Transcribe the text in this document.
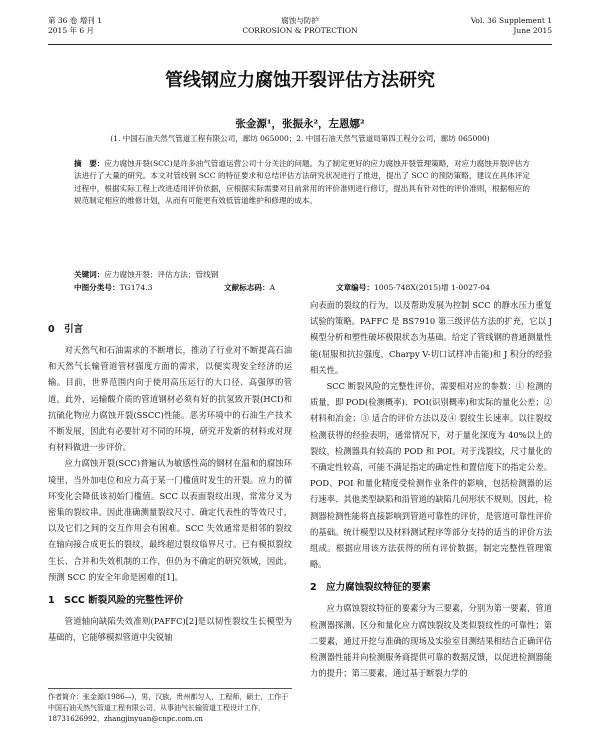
第 36 卷 增刊 1
2015 年 6 月
腐蚀与防护
CORROSION & PROTECTION
Vol. 36 Supplement 1
June 2015
管线钢应力腐蚀开裂评估方法研究
张金源¹，张振永²，左恩娜²
(1. 中国石油天然气管道工程有限公司，廊坊 065000；2. 中国石油天然气管道局第四工程分公司，廊坊 065000)
摘　要：应力腐蚀开裂(SCC)是许多油气管道运营公司十分关注的问题。为了制定更好的应力腐蚀开裂管理策略，对应力腐蚀开裂评估方法进行了大量的研究。本文对管线钢 SCC 的特征要求和总结评估方法研究状况进行了推进，提出了 SCC 的预防策略，建议在具体评定过程中，根据实际工程上改进适用评价依据，应根据实际需要对目前常用的评价准则进行修订，提出具有针对性的评价准则，根据相应的规范制定相应的维修计划，从而有可能更有效低管道维护和修理的成本。
关键词：应力腐蚀开裂；评估方法；管线钢
中图分类号：TG174.3	文献标志码：A	文章编号：1005-748X(2015)增 1-0027-04
0　引言

对天然气和石油需求的不断增长，推动了行业对不断提高石油和天然气长输管道管材强度方面的需求，以便实现安全经济的运输。目前，世界范围内向于使用高压运行的大口径、高强厚的管道。此外，运输酸介质的管道钢材必须有好的抗氢致开裂(HCI)和抗硫化物应力腐蚀开裂(SSCC)性能。恶劣环境中的石油生产技术不断发展，因此有必要针对不同的环境，研究开发新的材料或对现有材料做进一步评价。

应力腐蚀开裂(SCC)普遍认为敏感性高的钢材在温和的腐蚀环境里，当外加电位和应力高于某一门槛值时发生的开裂。应力的循环变化会降低该初始门槛值。SCC 以表面裂纹出现，常常分叉为密集的裂纹串。因此准确测量裂纹尺寸、确定代表性的等效尺寸，以及它们之间的交互作用会有困难。SCC 失效通常是相邻的裂纹在轴向接合成更长的裂纹，最终超过裂纹临界尺寸。已有模拟裂纹生长、合并和失效机制的工作，但仍为不确定的研究领域，因此，预测 SCC 的安全年命是困难的[1]。

1　SCC 断裂风险的完整性评价

管道轴向缺陷失效准则(PAFFC)[2]是以韧性裂纹生长模型为基础的，它能够模拟管道中尖锐轴

向表面的裂纹的行为，以及帮助发展为控制 SCC 的静水压力重复试验的策略。PAFFC 是 BS7910 第三级评估方法的扩充，它以 J 模型分析和塑性破坏极限状态为基础。给定了管线钢的普通测量性能(屈服和抗拉强度，Charpy V-切口试样冲击能)和 J 积分的经验相关性。

SCC 断裂风险的完整性评价，需要相对应的参数：① 检测的质量，即 POD(检测概率)、POI(识别概率)和实际的量化公差；② 材料和冶金；③ 适合的评价方法以及④ 裂纹生长速率。以往裂纹检测获得的经验表明，通常情况下，对于量化深度为 40%以上的裂纹，检测器具有较高的 POD 和 POI。对于浅裂纹，尺寸量化的不确定性较高，可能不满足指定的确定性和置信度下的指定公差。POD、POI 和量化精度受检测作业条件的影响，包括检测器的运行速率、其他类型缺陷和沿管道的缺陷几何形状不规则。因此，检测器检测性能将直接影响到管道可靠性的评价，是管道可靠性评价的基础。统计模型以及材料测试程序等部分支持的适当的评价方法组成。根据应用该方法获得的所有评价数据，制定完整性管理策略。

2　应力腐蚀裂纹特征的要素

应力腐蚀裂纹特征的要素分为三要素，分别为第一要素，管道检测器探测、区分和量化应力腐蚀裂纹及类似裂纹性的可靠性；第二要素，通过开挖与准确的现场及实验室目测结果相结合正确评估检测器性能并向检测服务商提供可靠的数据反馈，以促进检测器能力的提升；第三要素，通过基于断裂力学的

作者简介：张金源(1986—)，男，汉族，贵州都匀人，工程师，硕士，工作于中国石油天然气管道工程有限公司，从事油气长输管道工程设计工作，18731626992，zhangjinyuan@cnpc.com.cn
